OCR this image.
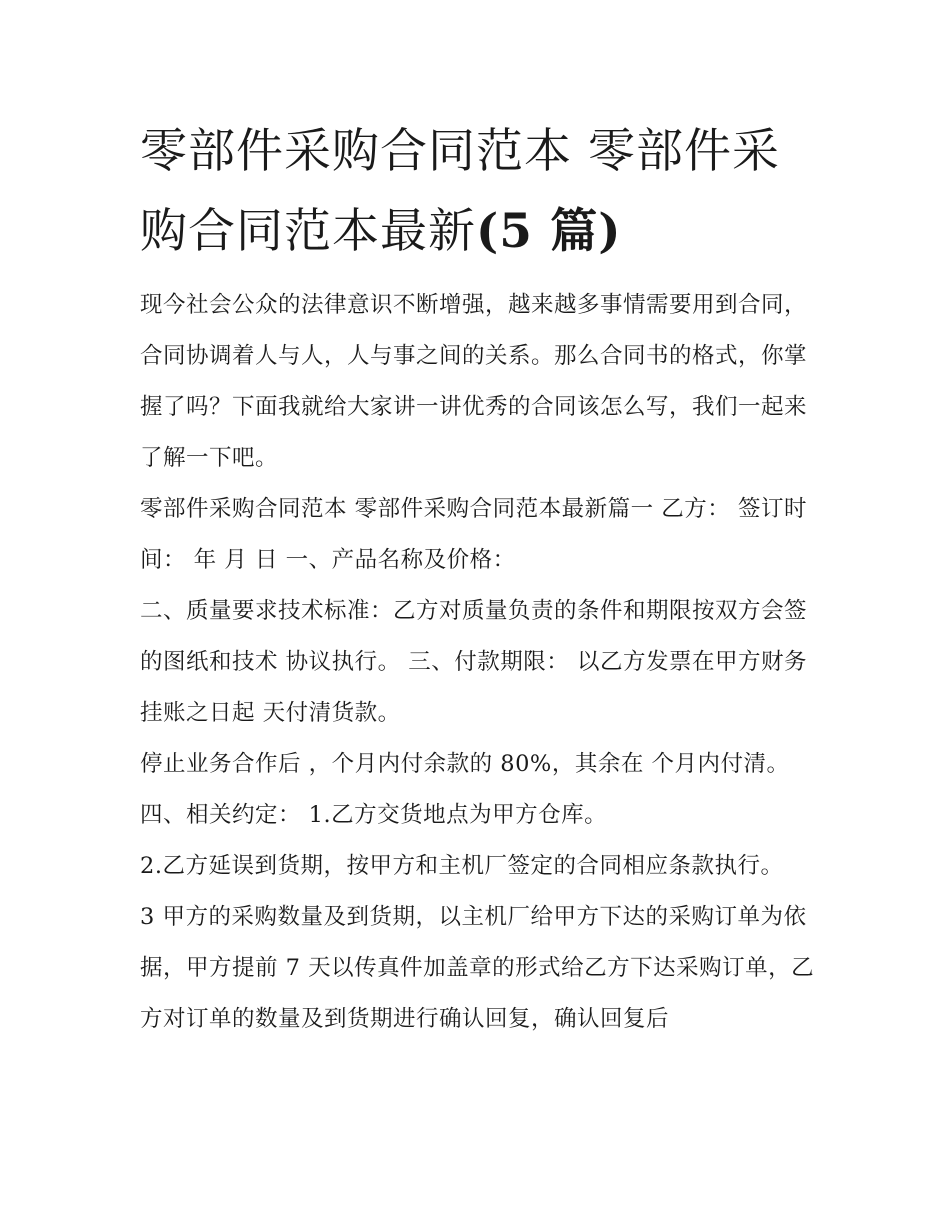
零部件采购合同范本 零部件采购合同范本最新(5 篇)

现今社会公众的法律意识不断增强，越来越多事情需要用到合同，合同协调着人与人，人与事之间的关系。那么合同书的格式，你掌握了吗？下面我就给大家讲一讲优秀的合同该怎么写，我们一起来了解一下吧。

零部件采购合同范本 零部件采购合同范本最新篇一 乙方： 签订时间： 年 月 日 一、产品名称及价格：

二、质量要求技术标准：乙方对质量负责的条件和期限按双方会签的图纸和技术 协议执行。 三、付款期限： 以乙方发票在甲方财务挂账之日起 天付清货款。

停止业务合作后 ，个月内付余款的 80%，其余在 个月内付清。 四、相关约定： 1.乙方交货地点为甲方仓库。

2.乙方延误到货期，按甲方和主机厂签定的合同相应条款执行。

3 甲方的采购数量及到货期，以主机厂给甲方下达的采购订单为依据，甲方提前 7 天以传真件加盖章的形式给乙方下达采购订单，乙方对订单的数量及到货期进行确认回复，确认回复后
